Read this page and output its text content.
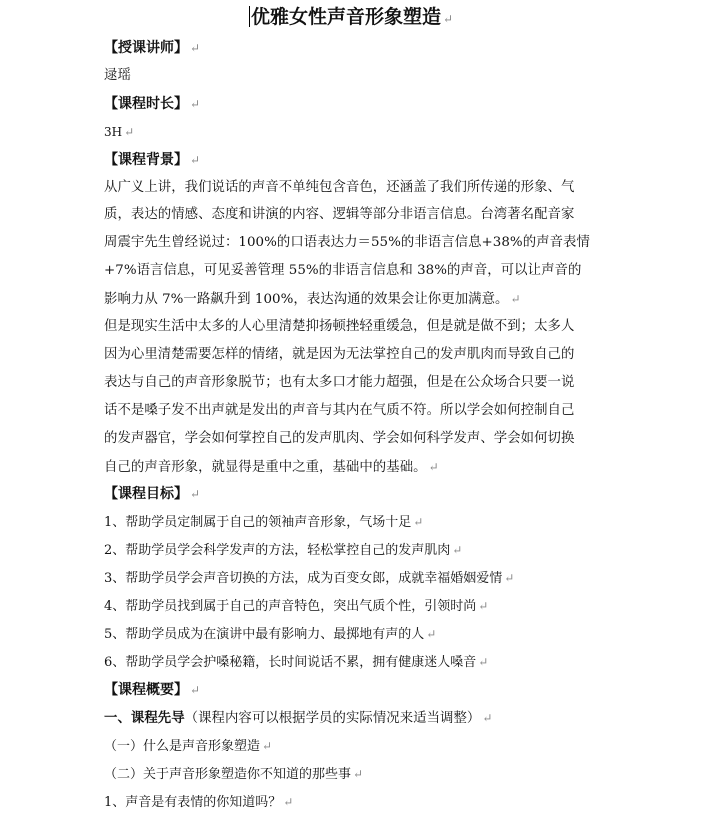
优雅女性声音形象塑造 ↵
【授课讲师】 ↵
逯瑶
【课程时长】 ↵
3H ↵
【课程背景】 ↵
从广义上讲，我们说话的声音不单纯包含音色，还涵盖了我们所传递的形象、气
质，表达的情感、态度和讲演的内容、逻辑等部分非语言信息。台湾著名配音家
周震宇先生曾经说过：100%的口语表达力＝55%的非语言信息+38%的声音表情
+7%语言信息，可见妥善管理 55%的非语言信息和 38%的声音，可以让声音的
影响力从 7%一路飙升到 100%，表达沟通的效果会让你更加满意。 ↵
但是现实生活中太多的人心里清楚抑扬顿挫轻重缓急，但是就是做不到；太多人
因为心里清楚需要怎样的情绪，就是因为无法掌控自己的发声肌肉而导致自己的
表达与自己的声音形象脱节；也有太多口才能力超强，但是在公众场合只要一说
话不是嗓子发不出声就是发出的声音与其内在气质不符。所以学会如何控制自己
的发声器官，学会如何掌控自己的发声肌肉、学会如何科学发声、学会如何切换
自己的声音形象，就显得是重中之重，基础中的基础。 ↵
【课程目标】 ↵
1、帮助学员定制属于自己的领袖声音形象，气场十足 ↵
2、帮助学员学会科学发声的方法，轻松掌控自己的发声肌肉 ↵
3、帮助学员学会声音切换的方法，成为百变女郎，成就幸福婚姻爱情 ↵
4、帮助学员找到属于自己的声音特色，突出气质个性，引领时尚 ↵
5、帮助学员成为在演讲中最有影响力、最掷地有声的人 ↵
6、帮助学员学会护嗓秘籍，长时间说话不累，拥有健康迷人嗓音 ↵
【课程概要】 ↵
一、课程先导（课程内容可以根据学员的实际情况来适当调整） ↵
（一）什么是声音形象塑造 ↵
（二）关于声音形象塑造你不知道的那些事 ↵
1、声音是有表情的你知道吗？ ↵
